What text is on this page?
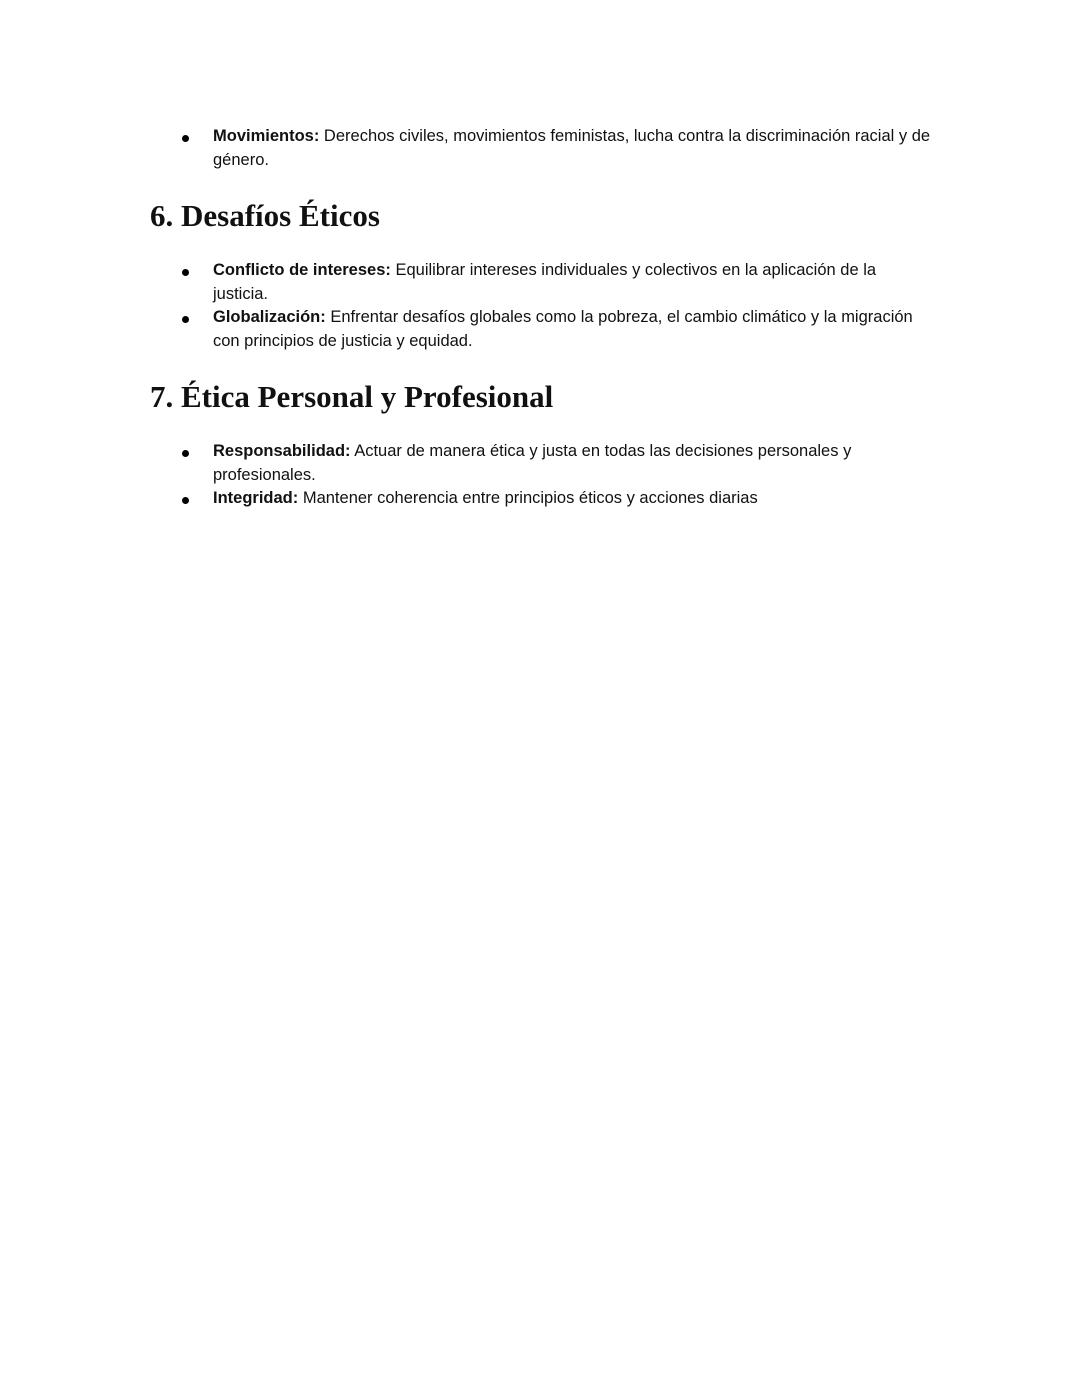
Movimientos: Derechos civiles, movimientos feministas, lucha contra la discriminación racial y de género.
6. Desafíos Éticos
Conflicto de intereses: Equilibrar intereses individuales y colectivos en la aplicación de la justicia.
Globalización: Enfrentar desafíos globales como la pobreza, el cambio climático y la migración con principios de justicia y equidad.
7. Ética Personal y Profesional
Responsabilidad: Actuar de manera ética y justa en todas las decisiones personales y profesionales.
Integridad: Mantener coherencia entre principios éticos y acciones diarias
